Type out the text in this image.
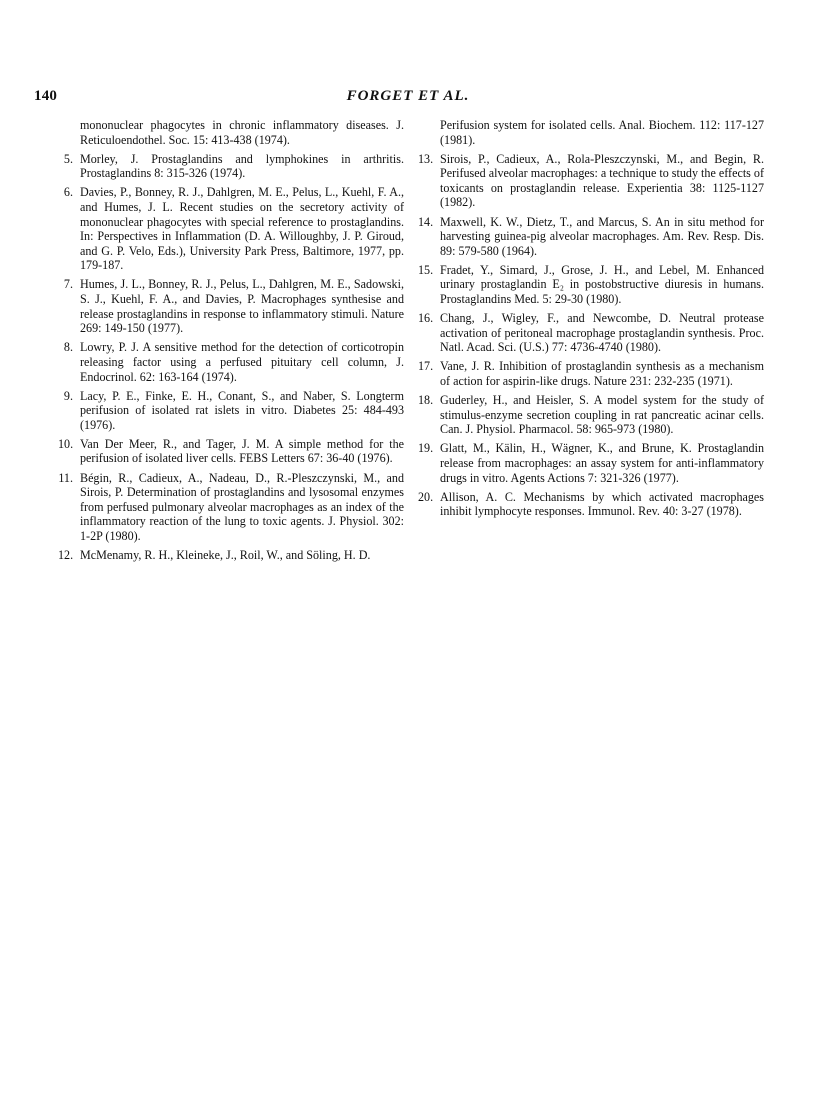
140	FORGET ET AL.
mononuclear phagocytes in chronic inflammatory diseases. J. Reticuloendothel. Soc. 15: 413-438 (1974).
5. Morley, J. Prostaglandins and lymphokines in arthritis. Prostaglandins 8: 315-326 (1974).
6. Davies, P., Bonney, R. J., Dahlgren, M. E., Pelus, L., Kuehl, F. A., and Humes, J. L. Recent studies on the secretory activity of mononuclear phagocytes with special reference to prostaglandins. In: Perspectives in Inflammation (D. A. Willoughby, J. P. Giroud, and G. P. Velo, Eds.), University Park Press, Baltimore, 1977, pp. 179-187.
7. Humes, J. L., Bonney, R. J., Pelus, L., Dahlgren, M. E., Sadowski, S. J., Kuehl, F. A., and Davies, P. Macrophages synthesise and release prostaglandins in response to inflammatory stimuli. Nature 269: 149-150 (1977).
8. Lowry, P. J. A sensitive method for the detection of corticotropin releasing factor using a perfused pituitary cell column, J. Endocrinol. 62: 163-164 (1974).
9. Lacy, P. E., Finke, E. H., Conant, S., and Naber, S. Longterm perifusion of isolated rat islets in vitro. Diabetes 25: 484-493 (1976).
10. Van Der Meer, R., and Tager, J. M. A simple method for the perifusion of isolated liver cells. FEBS Letters 67: 36-40 (1976).
11. Bégin, R., Cadieux, A., Nadeau, D., R.-Pleszczynski, M., and Sirois, P. Determination of prostaglandins and lysosomal enzymes from perfused pulmonary alveolar macrophages as an index of the inflammatory reaction of the lung to toxic agents. J. Physiol. 302: 1-2P (1980).
12. McMenamy, R. H., Kleineke, J., Roil, W., and Söling, H. D.
Perifusion system for isolated cells. Anal. Biochem. 112: 117-127 (1981).
13. Sirois, P., Cadieux, A., Rola-Pleszczynski, M., and Begin, R. Perifused alveolar macrophages: a technique to study the effects of toxicants on prostaglandin release. Experientia 38: 1125-1127 (1982).
14. Maxwell, K. W., Dietz, T., and Marcus, S. An in situ method for harvesting guinea-pig alveolar macrophages. Am. Rev. Resp. Dis. 89: 579-580 (1964).
15. Fradet, Y., Simard, J., Grose, J. H., and Lebel, M. Enhanced urinary prostaglandin E₂ in postobstructive diuresis in humans. Prostaglandins Med. 5: 29-30 (1980).
16. Chang, J., Wigley, F., and Newcombe, D. Neutral protease activation of peritoneal macrophage prostaglandin synthesis. Proc. Natl. Acad. Sci. (U.S.) 77: 4736-4740 (1980).
17. Vane, J. R. Inhibition of prostaglandin synthesis as a mechanism of action for aspirin-like drugs. Nature 231: 232-235 (1971).
18. Guderley, H., and Heisler, S. A model system for the study of stimulus-enzyme secretion coupling in rat pancreatic acinar cells. Can. J. Physiol. Pharmacol. 58: 965-973 (1980).
19. Glatt, M., Kälin, H., Wägner, K., and Brune, K. Prostaglandin release from macrophages: an assay system for anti-inflammatory drugs in vitro. Agents Actions 7: 321-326 (1977).
20. Allison, A. C. Mechanisms by which activated macrophages inhibit lymphocyte responses. Immunol. Rev. 40: 3-27 (1978).
